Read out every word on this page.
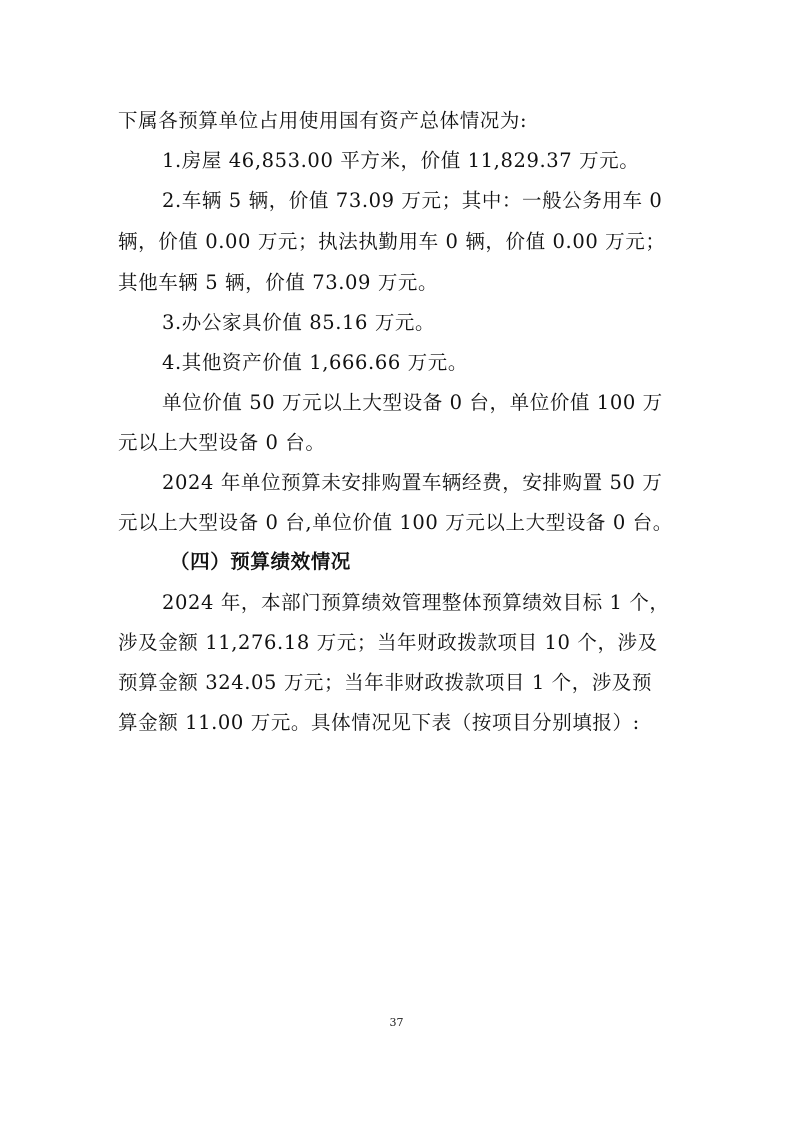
下属各预算单位占用使用国有资产总体情况为:
1.房屋 46,853.00 平方米，价值 11,829.37 万元。
2.车辆 5 辆，价值 73.09 万元；其中：一般公务用车 0
辆，价值 0.00 万元；执法执勤用车 0 辆，价值 0.00 万元；
其他车辆 5 辆，价值 73.09 万元。
3.办公家具价值 85.16 万元。
4.其他资产价值 1,666.66 万元。
单位价值 50 万元以上大型设备 0 台，单位价值 100 万
元以上大型设备 0 台。
2024 年单位预算未安排购置车辆经费，安排购置 50 万
元以上大型设备 0 台,单位价值 100 万元以上大型设备 0 台。
（四）预算绩效情况
2024 年，本部门预算绩效管理整体预算绩效目标 1 个，
涉及金额 11,276.18 万元；当年财政拨款项目 10 个，涉及
预算金额 324.05 万元；当年非财政拨款项目 1 个，涉及预
算金额 11.00 万元。具体情况见下表（按项目分别填报）:
37
